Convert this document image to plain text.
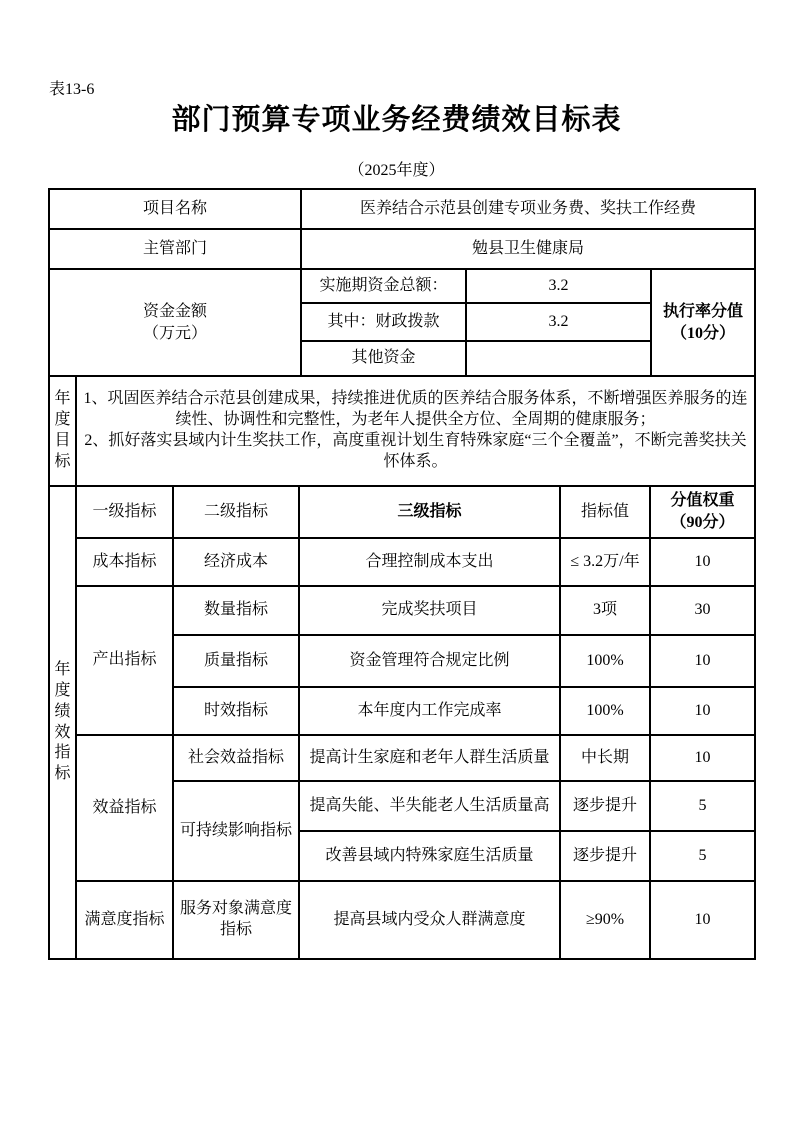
表13-6
部门预算专项业务经费绩效目标表
（2025年度）
项目名称	医养结合示范县创建专项业务费、奖扶工作经费		
主管部门	勉县卫生健康局		

资金金额
（万元）	实施期资金总额：	3.2	执行率分值
（10分）

	其中：财政拨款	3.2	
	其他资金		
年度目标	
1、巩固医养结合示范县创建成果，持续推进优质的医养结合服务体系，不断增强医养服务的连续性、协调性和完整性，为老年人提供全方位、全周期的健康服务；
2、抓好落实县域内计生奖扶工作，高度重视计划生育特殊家庭“三个全覆盖”，不断完善奖扶关怀体系。
年度绩效指标	一级指标	二级指标	三级指标	指标值	分值权重
（90分）

	成本指标	经济成本	合理控制成本支出	≤ 3.2万/年	10
	产出指标	数量指标	完成奖扶项目	3项	30
		质量指标	资金管理符合规定比例	100%	10
		时效指标	本年度内工作完成率	100%	10
	效益指标	社会效益指标	提高计生家庭和老年人群生活质量	中长期	10
		可持续影响指标	提高失能、半失能老人生活质量高	逐步提升	5
			改善县域内特殊家庭生活质量	逐步提升	5
	满意度指标	服务对象满意度指标	提高县域内受众人群满意度	≥90%	10
